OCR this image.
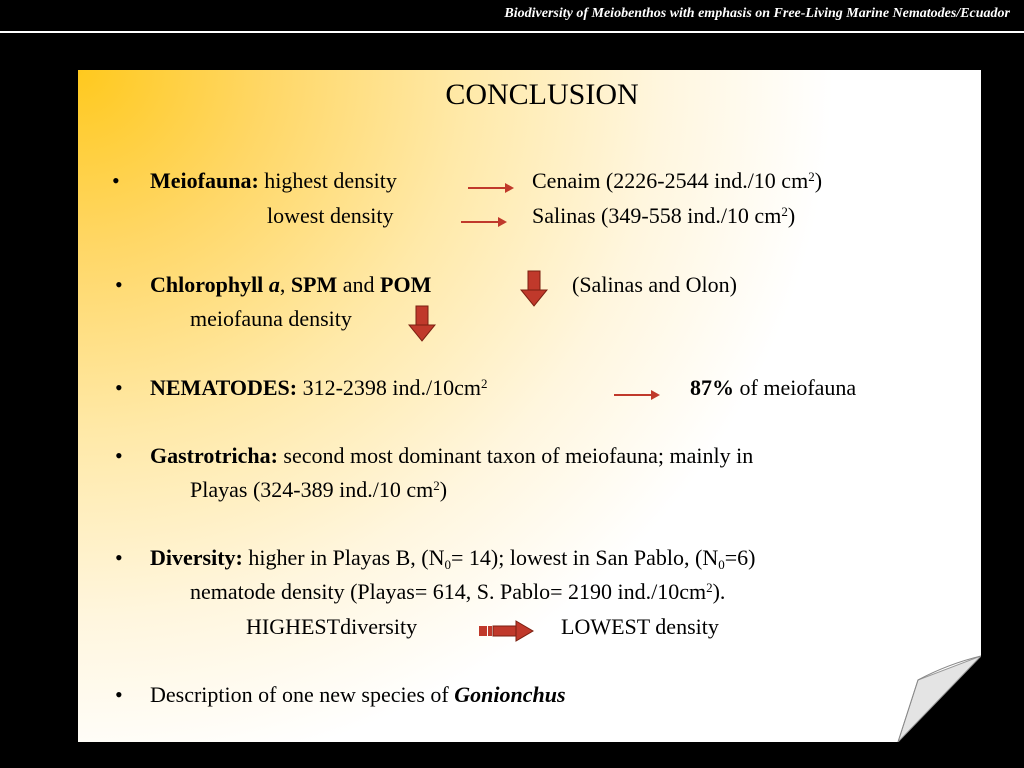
Biodiversity of Meiobenthos with emphasis on Free-Living Marine Nematodes/Ecuador
CONCLUSION
• Meiofauna: highest density	Cenaim (2226-2544 ind./10 $cm^2$)
lowest density	Salinas (349-558 ind./10 $cm^2$)
• Chlorophyll a, SPM and POM	(Salinas and Olon)
meiofauna density
• NEMATODES: 312-2398 $ind./10cm^2$	87% of meiofauna
• Gastrotricha: second most dominant taxon of meiofauna; mainly in
Playas (324-389 ind./10 $cm^2$)
• Diversity: higher in Playas B, $(N_0= 14)$; lowest in San Pablo, $(N_0=6)$
nematode density (Playas= 614, S. Pablo= 2190 $ind./10cm^2$).
HIGHESTdiversity	LOWEST density
• Description of one new species of Gonionchus
